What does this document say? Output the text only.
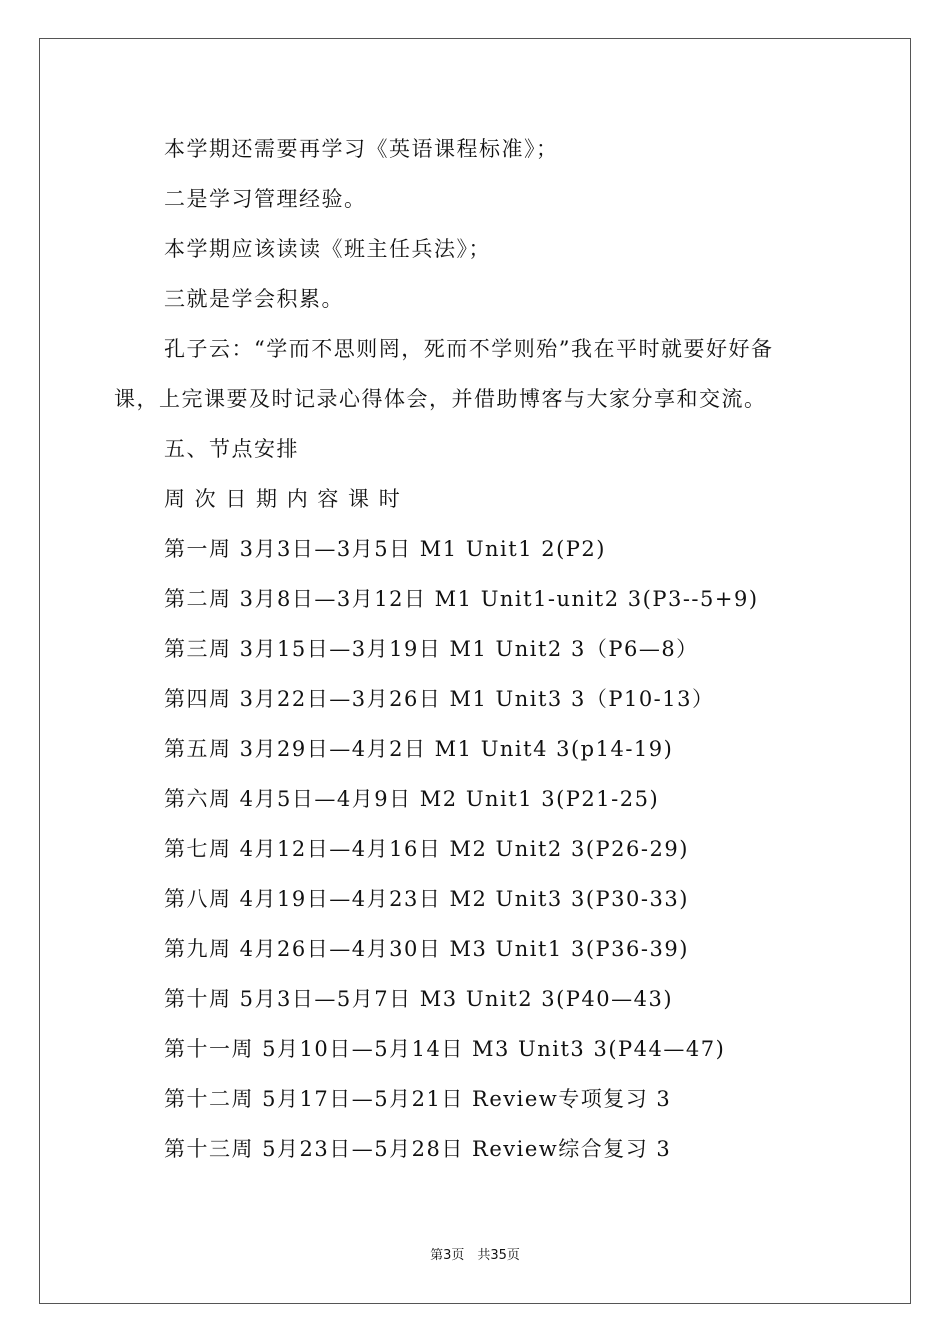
本学期还需要再学习《英语课程标准》；
二是学习管理经验。
本学期应该读读《班主任兵法》；
三就是学会积累。
孔子云：“学而不思则罔，死而不学则殆”我在平时就要好好备
课，上完课要及时记录心得体会，并借助博客与大家分享和交流。
五、节点安排
周 次 日 期 内 容 课 时
第一周 3月3日—3月5日 M1 Unit1 2(P2)
第二周 3月8日—3月12日 M1 Unit1-unit2 3(P3--5+9)
第三周 3月15日—3月19日 M1 Unit2 3（P6—8）
第四周 3月22日—3月26日 M1 Unit3 3（P10-13）
第五周 3月29日—4月2日 M1 Unit4 3(p14-19)
第六周 4月5日—4月9日 M2 Unit1 3(P21-25)
第七周 4月12日—4月16日 M2 Unit2 3(P26-29)
第八周 4月19日—4月23日 M2 Unit3 3(P30-33)
第九周 4月26日—4月30日 M3 Unit1 3(P36-39)
第十周 5月3日—5月7日 M3 Unit2 3(P40—43)
第十一周 5月10日—5月14日 M3 Unit3 3(P44—47)
第十二周 5月17日—5月21日 Review专项复习 3
第十三周 5月23日—5月28日 Review综合复习 3
第3页　共35页
